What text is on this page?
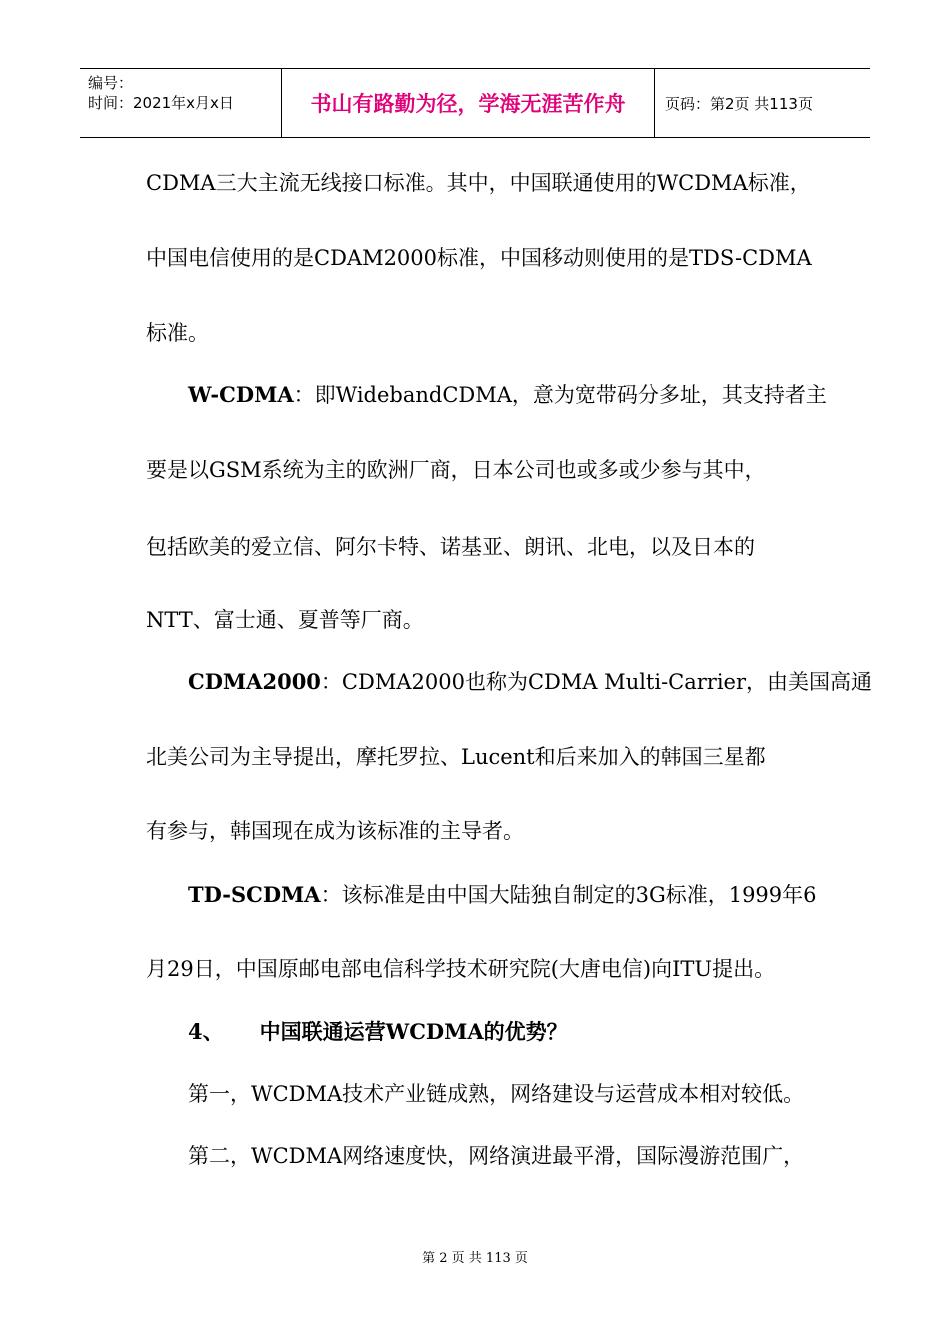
编号：
时间：2021年x月x日	书山有路勤为径，学海无涯苦作舟	页码：第2页 共113页
CDMA三大主流无线接口标准。其中，中国联通使用的WCDMA标准，
中国电信使用的是CDAM2000标准，中国移动则使用的是TDS-CDMA
标准。
W-CDMA：即WidebandCDMA，意为宽带码分多址，其支持者主
要是以GSM系统为主的欧洲厂商，日本公司也或多或少参与其中，
包括欧美的爱立信、阿尔卡特、诺基亚、朗讯、北电，以及日本的
NTT、富士通、夏普等厂商。
CDMA2000：CDMA2000也称为CDMA Multi-Carrier，由美国高通
北美公司为主导提出，摩托罗拉、Lucent和后来加入的韩国三星都
有参与，韩国现在成为该标准的主导者。
TD-SCDMA：该标准是由中国大陆独自制定的3G标准，1999年6
月29日，中国原邮电部电信科学技术研究院(大唐电信)向ITU提出。
4、 中国联通运营WCDMA的优势？
第一，WCDMA技术产业链成熟，网络建设与运营成本相对较低。
第二，WCDMA网络速度快，网络演进最平滑，国际漫游范围广，
第 2 页 共 113 页
